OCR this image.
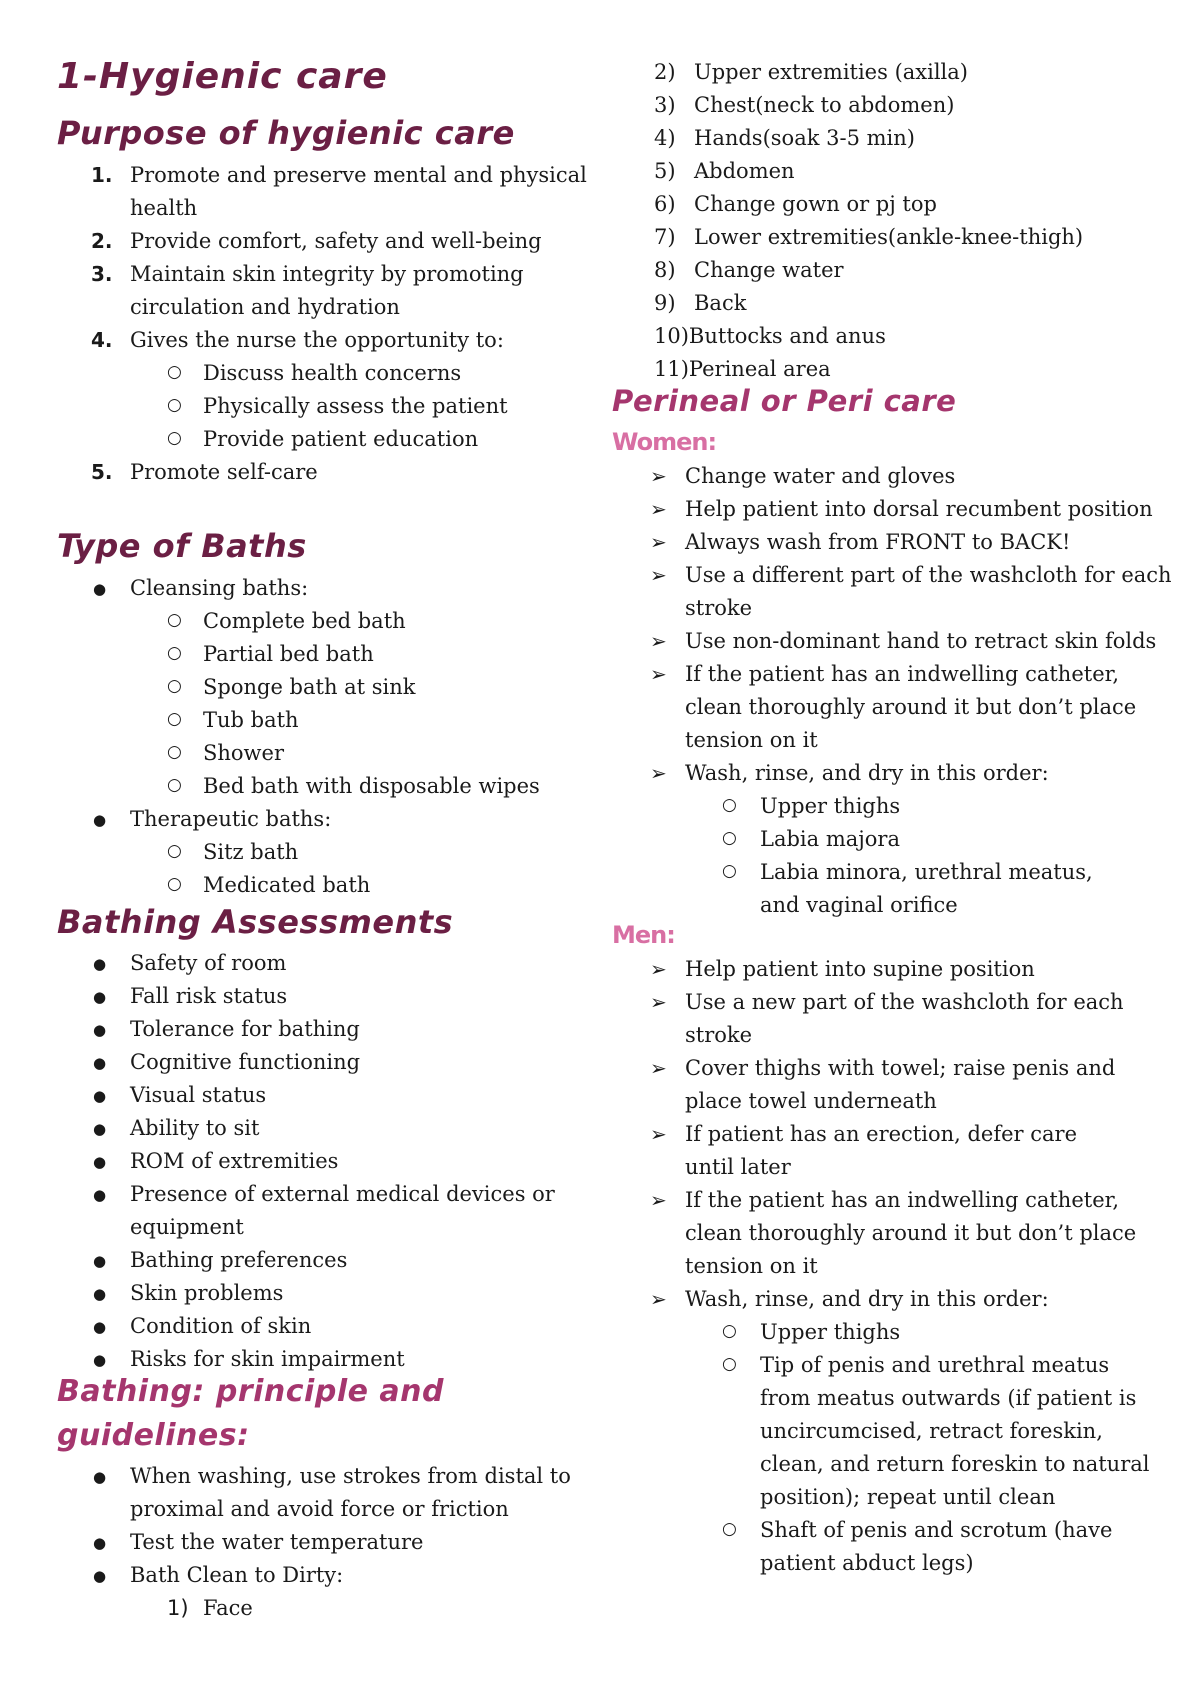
1-Hygienic care
Purpose of hygienic care
1. Promote and preserve mental and physical health
2. Provide comfort, safety and well-being
3. Maintain skin integrity by promoting circulation and hydration
4. Gives the nurse the opportunity to:
○ Discuss health concerns
○ Physically assess the patient
○ Provide patient education
5. Promote self-care
Type of Baths
● Cleansing baths:
○ Complete bed bath
○ Partial bed bath
○ Sponge bath at sink
○ Tub bath
○ Shower
○ Bed bath with disposable wipes
● Therapeutic baths:
○ Sitz bath
○ Medicated bath
Bathing Assessments
● Safety of room
● Fall risk status
● Tolerance for bathing
● Cognitive functioning
● Visual status
● Ability to sit
● ROM of extremities
● Presence of external medical devices or equipment
● Bathing preferences
● Skin problems
● Condition of skin
● Risks for skin impairment
Bathing: principle and guidelines:
● When washing, use strokes from distal to proximal and avoid force or friction
● Test the water temperature
● Bath Clean to Dirty:
1) Face
2) Upper extremities (axilla)
3) Chest(neck to abdomen)
4) Hands(soak 3-5 min)
5) Abdomen
6) Change gown or pj top
7) Lower extremities(ankle-knee-thigh)
8) Change water
9) Back
10)Buttocks and anus
11)Perineal area
Perineal or Peri care
Women:
➢ Change water and gloves
➢ Help patient into dorsal recumbent position
➢ Always wash from FRONT to BACK!
➢ Use a different part of the washcloth for each stroke
➢ Use non-dominant hand to retract skin folds
➢ If the patient has an indwelling catheter, clean thoroughly around it but don’t place tension on it
➢ Wash, rinse, and dry in this order:
○ Upper thighs
○ Labia majora
○ Labia minora, urethral meatus, and vaginal orifice
Men:
➢ Help patient into supine position
➢ Use a new part of the washcloth for each stroke
➢ Cover thighs with towel; raise penis and place towel underneath
➢ If patient has an erection, defer care until later
➢ If the patient has an indwelling catheter, clean thoroughly around it but don’t place tension on it
➢ Wash, rinse, and dry in this order:
○ Upper thighs
○ Tip of penis and urethral meatus from meatus outwards (if patient is uncircumcised, retract foreskin, clean, and return foreskin to natural position); repeat until clean
○ Shaft of penis and scrotum (have patient abduct legs)
